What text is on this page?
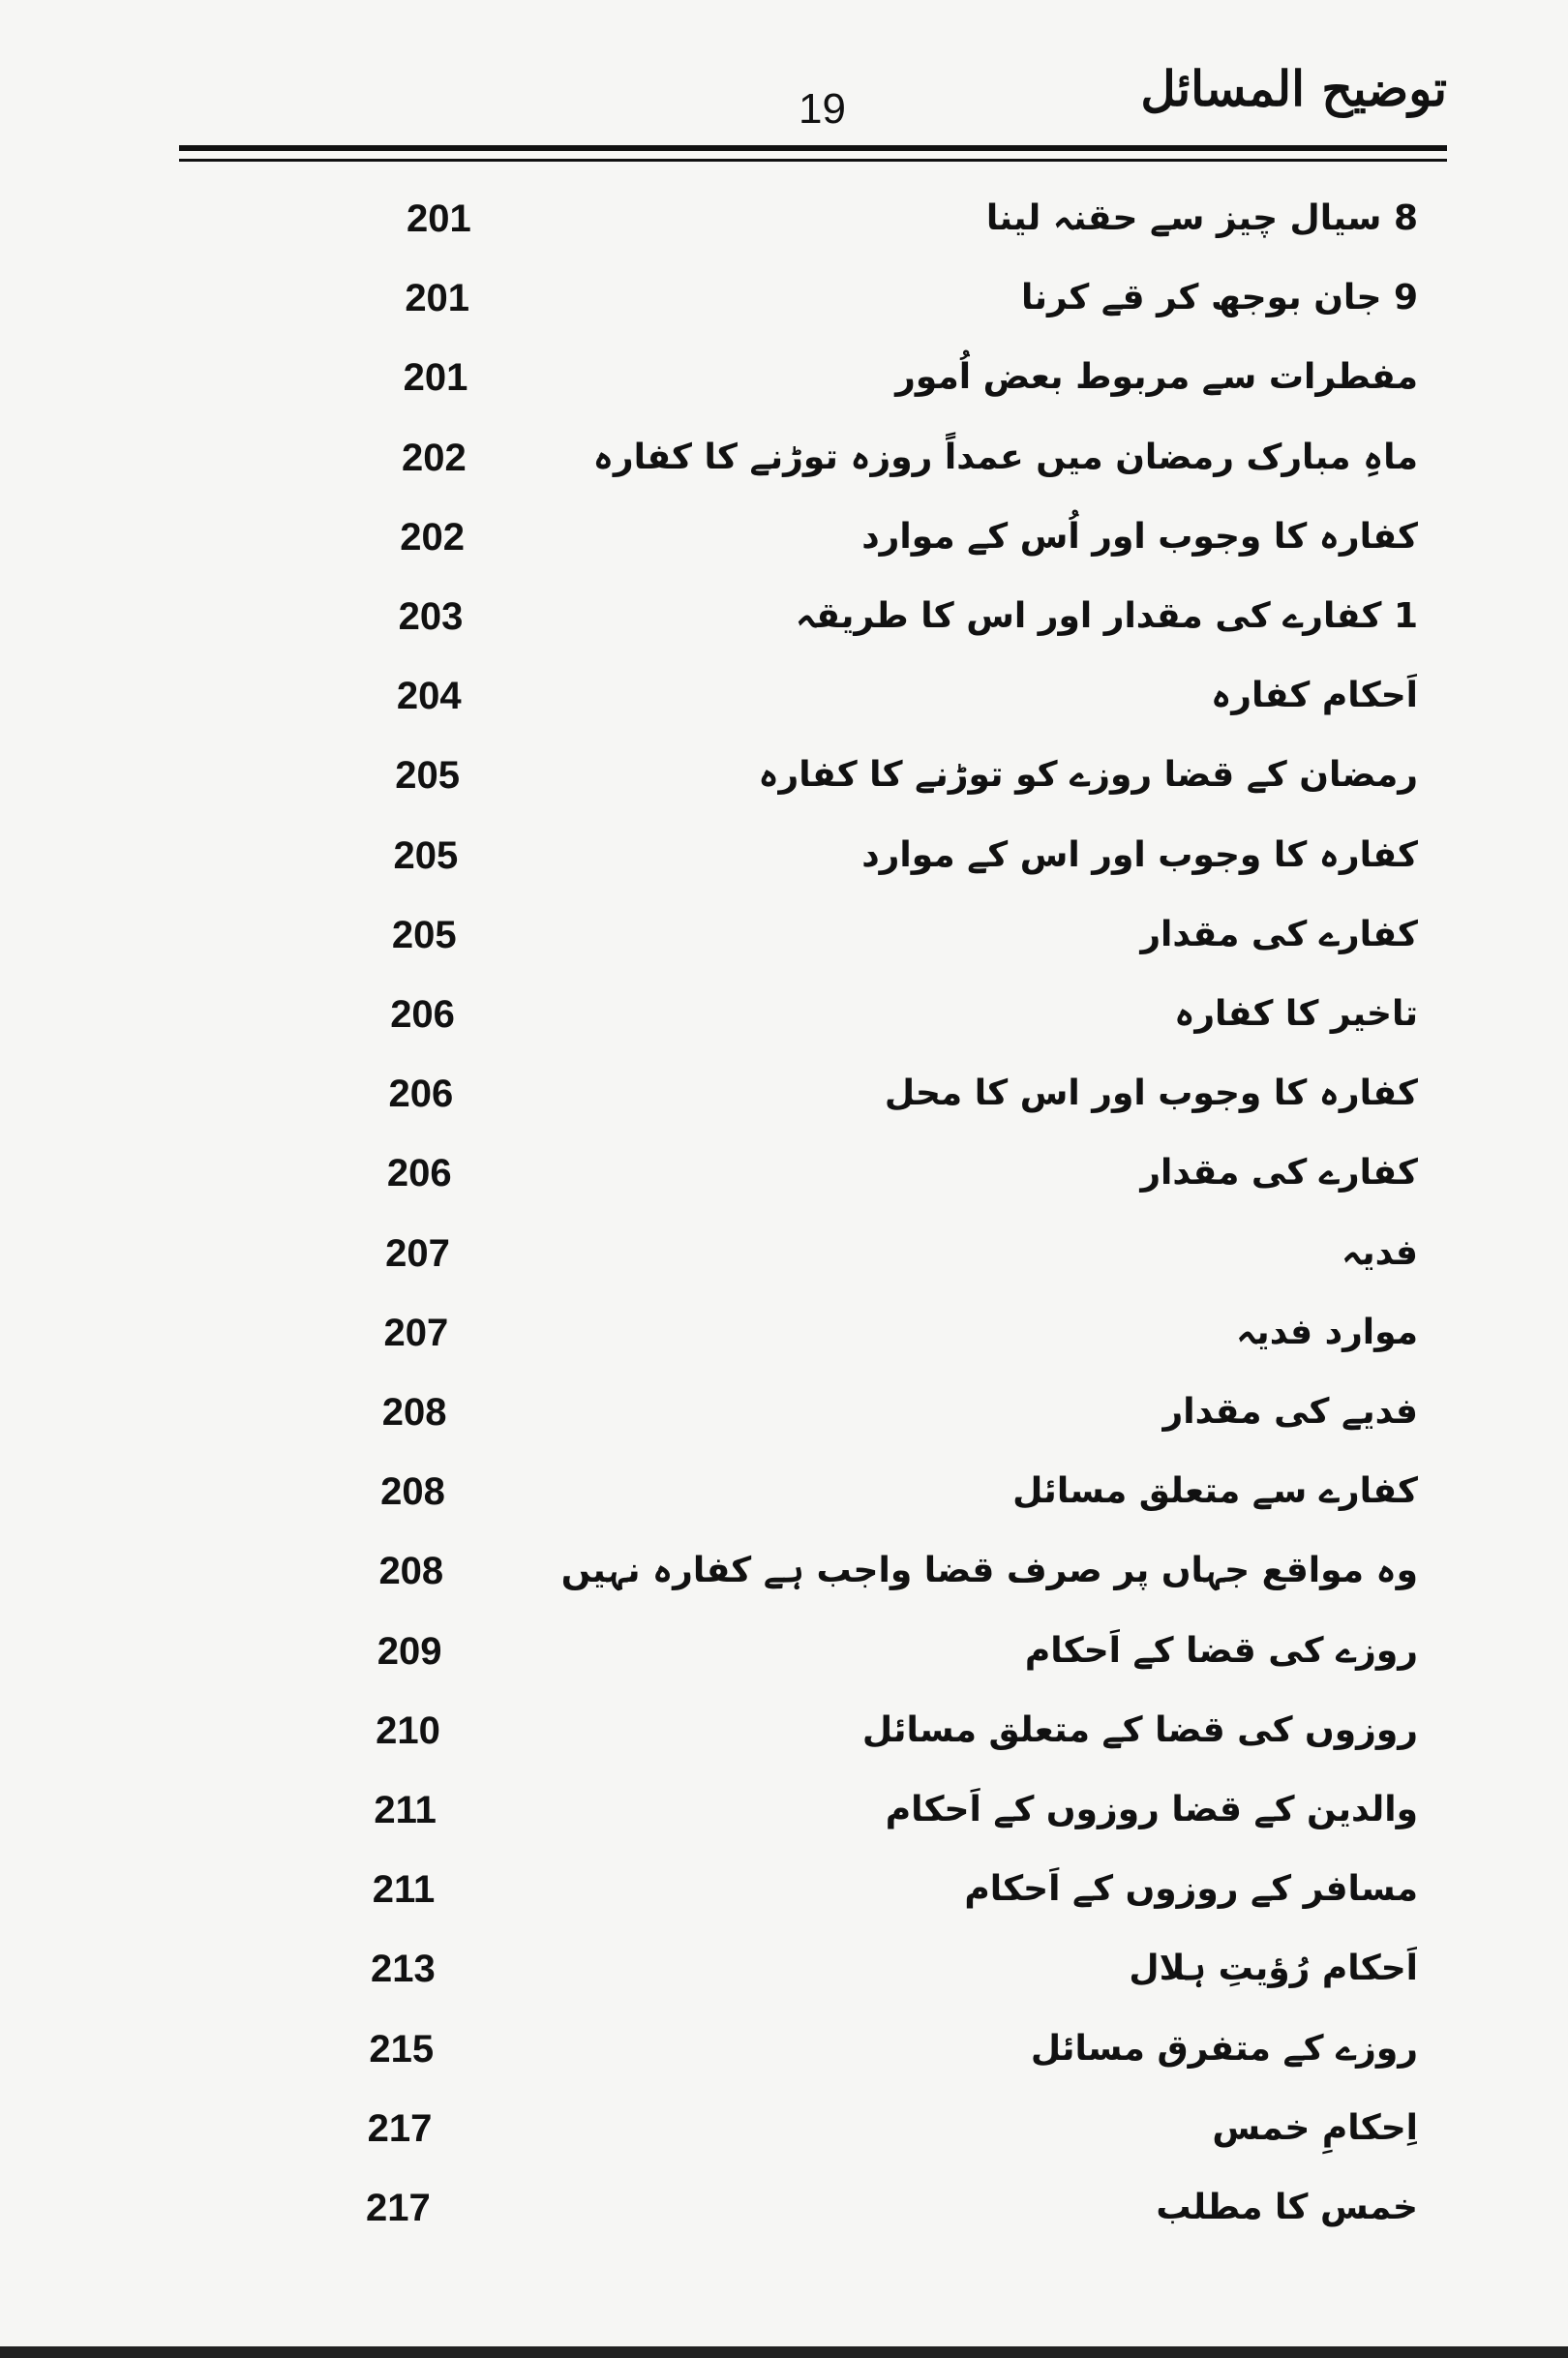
توضیح المسائل
19
8 سیال چیز سے حقنہ لینا
201
9 جان بوجھ کر قے کرنا
201
مفطرات سے مربوط بعض اُمور
201
ماہِ مبارک رمضان میں عمداً روزہ توڑنے کا کفارہ
202
کفارہ کا وجوب اور اُس کے موارد
202
1 کفارے کی مقدار اور اس کا طریقہ
203
اَحکام کفارہ
204
رمضان کے قضا روزے کو توڑنے کا کفارہ
205
کفارہ کا وجوب اور اس کے موارد
205
کفارے کی مقدار
205
تاخیر کا کفارہ
206
کفارہ کا وجوب اور اس کا محل
206
کفارے کی مقدار
206
فدیہ
207
موارد فدیہ
207
فدیے کی مقدار
208
کفارے سے متعلق مسائل
208
وہ مواقع جہاں پر صرف قضا واجب ہے کفارہ نہیں
208
روزے کی قضا کے اَحکام
209
روزوں کی قضا کے متعلق مسائل
210
والدین کے قضا روزوں کے اَحکام
211
مسافر کے روزوں کے اَحکام
211
اَحکام رُؤیتِ ہلال
213
روزے کے متفرق مسائل
215
اِحکامِ خمس
217
خمس کا مطلب
217
